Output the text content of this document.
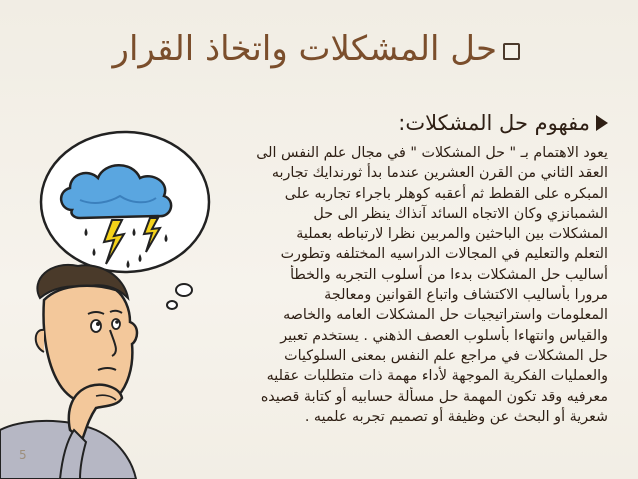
حل المشكلات واتخاذ القرار
مفهوم حل المشكلات:
يعود الاهتمام بـ " حل المشكلات " في مجال علم النفس الى
العقد الثاني من القرن العشرين عندما بدأ ثورندايك تجاربه
المبكره على القطط ثم أعقبه كوهلر باجراء تجاربه على
الشمبانزي وكان الاتجاه السائد آنذاك ينظر الى حل
المشكلات بين الباحثين والمربين نظرا لارتباطه بعملية
التعلم والتعليم في المجالات الدراسيه المختلفه وتطورت
أساليب حل المشكلات بدءا من أسلوب التجربه والخطأ
مرورا بأساليب الاكتشاف واتباع القوانين ومعالجة
المعلومات واستراتيجيات حل المشكلات العامه والخاصه
والقياس وانتهاءا بأسلوب العصف الذهني . يستخدم تعبير
حل المشكلات في مراجع علم النفس بمعنى السلوكيات
والعمليات الفكرية الموجهة لأداء مهمة ذات متطلبات عقليه
معرفيه وقد تكون المهمة حل مسألة حسابيه أو كتابة قصيده
شعرية أو البحث عن وظيفة أو تصميم تجربه علميه .
5
